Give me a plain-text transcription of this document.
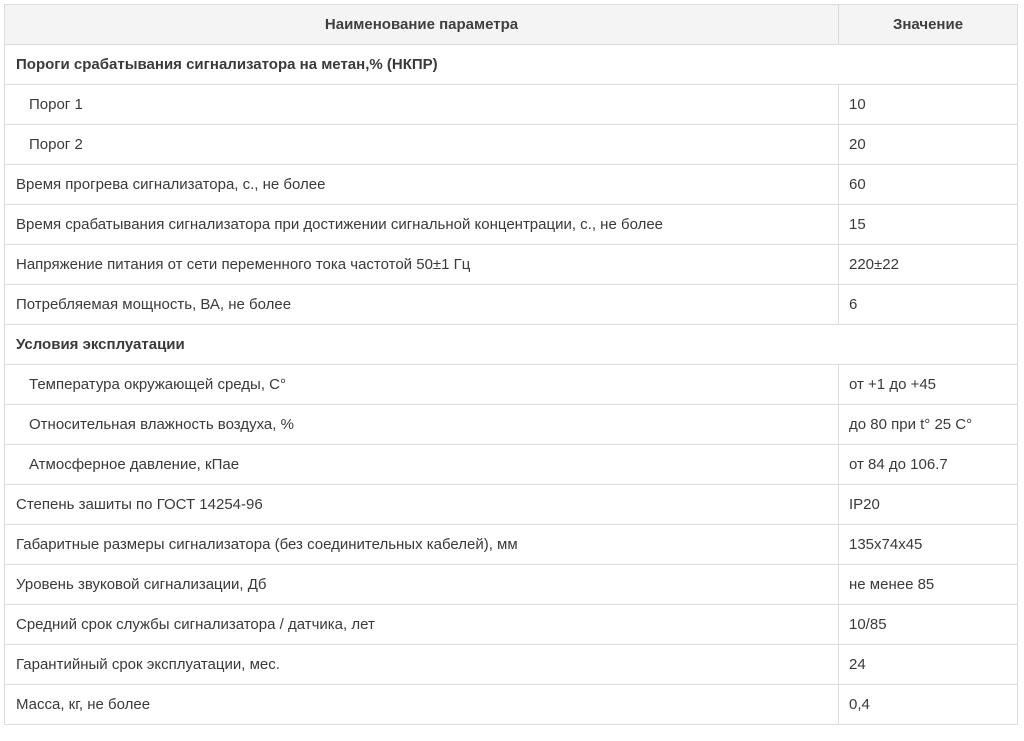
Наименование параметра	Значение
Пороги срабатывания сигнализатора на метан,% (НКПР)	
Порог 1	10
Порог 2	20
Время прогрева сигнализатора, с., не более	60
Время срабатывания сигнализатора при достижении сигнальной концентрации, с., не более	15
Напряжение питания от сети переменного тока частотой 50±1 Гц	220±22
Потребляемая мощность, ВА, не более	6
Условия эксплуатации	
Температура окружающей среды, С°	от +1 до +45
Относительная влажность воздуха, %	до 80 при t° 25 С°
Атмосферное давление, кПае	от 84 до 106.7
Степень зашиты по ГОСТ 14254-96	IP20
Габаритные размеры сигнализатора (без соединительных кабелей), мм	135х74х45
Уровень звуковой сигнализации, Дб	не менее 85
Средний срок службы сигнализатора / датчика, лет	10/85
Гарантийный срок эксплуатации, мес.	24
Масса, кг, не более	0,4
